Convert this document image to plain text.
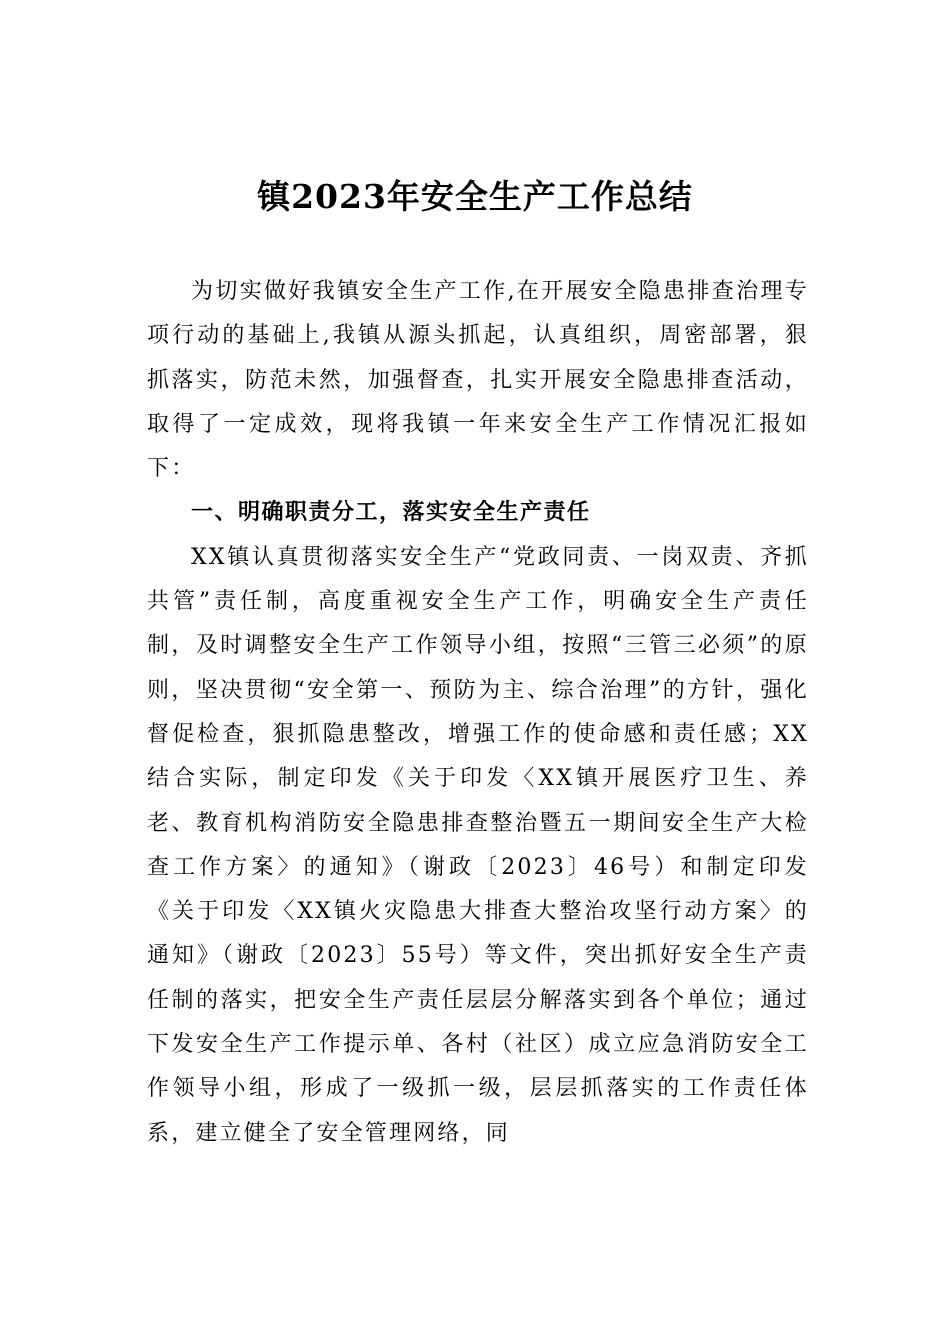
镇2023年安全生产工作总结

为切实做好我镇安全生产工作,在开展安全隐患排查治理专项行动的基础上,我镇从源头抓起，认真组织，周密部署，狠抓落实，防范未然，加强督查，扎实开展安全隐患排查活动，取得了一定成效，现将我镇一年来安全生产工作情况汇报如下：

一、明确职责分工，落实安全生产责任

XX镇认真贯彻落实安全生产“党政同责、一岗双责、齐抓共管”责任制，高度重视安全生产工作，明确安全生产责任制，及时调整安全生产工作领导小组，按照“三管三必须”的原则，坚决贯彻“安全第一、预防为主、综合治理”的方针，强化督促检查，狠抓隐患整改，增强工作的使命感和责任感；XX结合实际，制定印发《关于印发〈XX镇开展医疗卫生、养老、教育机构消防安全隐患排查整治暨五一期间安全生产大检查工作方案〉的通知》（谢政〔2023〕46号）和制定印发《关于印发〈XX镇火灾隐患大排查大整治攻坚行动方案〉的通知》（谢政〔2023〕55号）等文件，突出抓好安全生产责任制的落实，把安全生产责任层层分解落实到各个单位；通过下发安全生产工作提示单、各村（社区）成立应急消防安全工作领导小组，形成了一级抓一级，层层抓落实的工作责任体系，建立健全了安全管理网络，同
